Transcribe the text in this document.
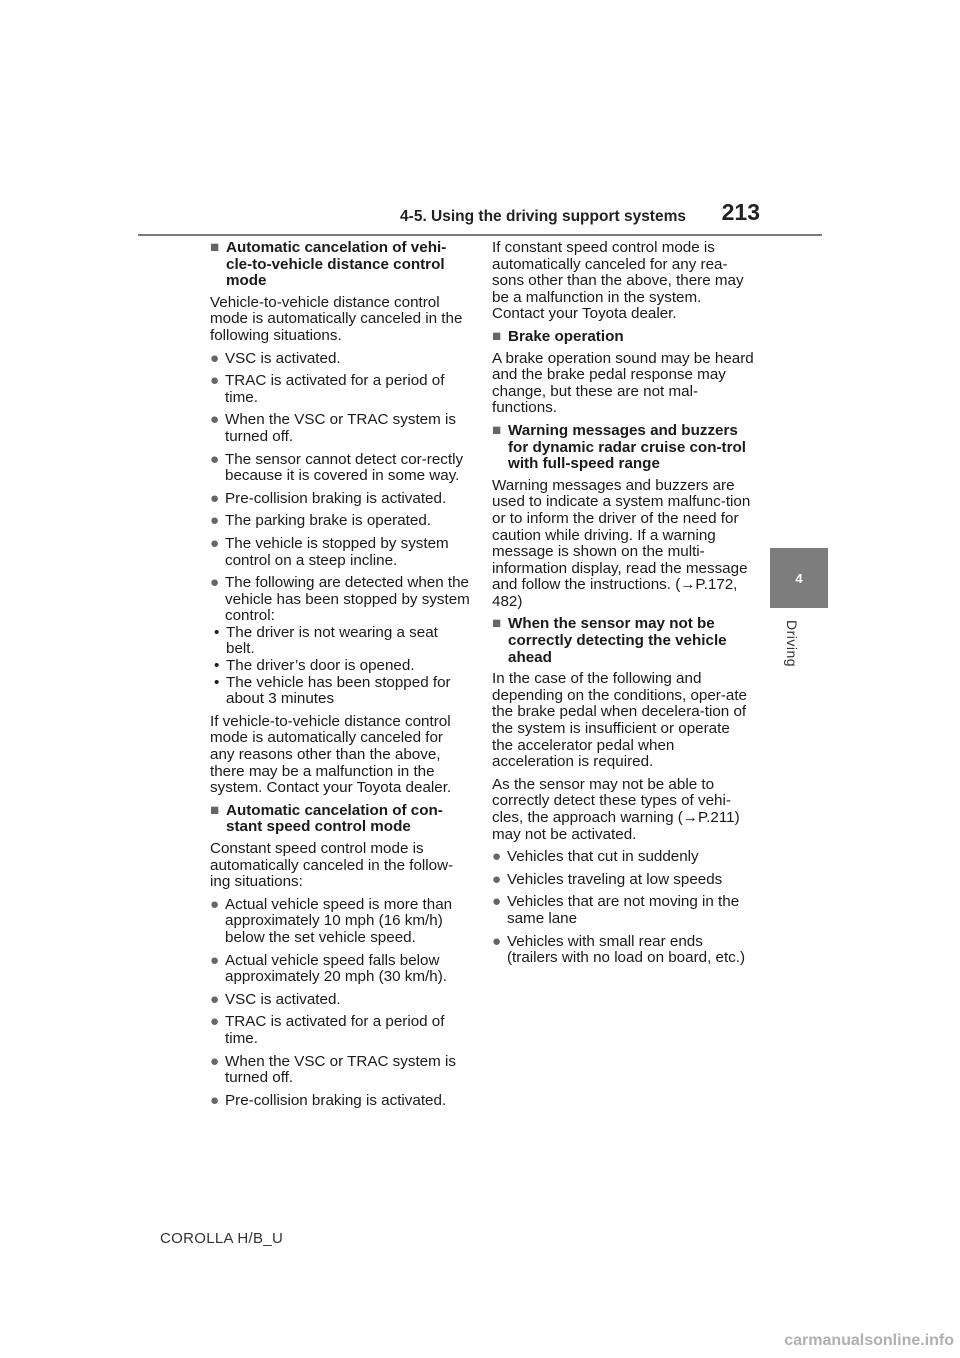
4-5. Using the driving support systems 213
4
Driving
■ Automatic cancelation of vehi-cle-to-vehicle distance control mode

Vehicle-to-vehicle distance control mode is automatically canceled in the following situations.

● VSC is activated.
● TRAC is activated for a period of time.
● When the VSC or TRAC system is turned off.
● The sensor cannot detect cor-rectly because it is covered in some way.
● Pre-collision braking is activated.
● The parking brake is operated.
● The vehicle is stopped by system control on a steep incline.
● The following are detected when the vehicle has been stopped by system control:
• The driver is not wearing a seat belt.
• The driver’s door is opened.
• The vehicle has been stopped for about 3 minutes

If vehicle-to-vehicle distance control mode is automatically canceled for any reasons other than the above, there may be a malfunction in the system. Contact your Toyota dealer.

■ Automatic cancelation of con-stant speed control mode

Constant speed control mode is automatically canceled in the follow-ing situations:

● Actual vehicle speed is more than approximately 10 mph (16 km/h) below the set vehicle speed.
● Actual vehicle speed falls below approximately 20 mph (30 km/h).
● VSC is activated.
● TRAC is activated for a period of time.
● When the VSC or TRAC system is turned off.
● Pre-collision braking is activated.

If constant speed control mode is automatically canceled for any rea-sons other than the above, there may be a malfunction in the system. Contact your Toyota dealer.

■ Brake operation

A brake operation sound may be heard and the brake pedal response may change, but these are not mal-functions.

■ Warning messages and buzzers for dynamic radar cruise con-trol with full-speed range

Warning messages and buzzers are used to indicate a system malfunc-tion or to inform the driver of the need for caution while driving. If a warning message is shown on the multi-information display, read the message and follow the instructions. (→P.172, 482)

■ When the sensor may not be correctly detecting the vehicle ahead

In the case of the following and depending on the conditions, oper-ate the brake pedal when decelera-tion of the system is insufficient or operate the accelerator pedal when acceleration is required.

As the sensor may not be able to correctly detect these types of vehi-cles, the approach warning (→P.211) may not be activated.

● Vehicles that cut in suddenly
● Vehicles traveling at low speeds
● Vehicles that are not moving in the same lane
● Vehicles with small rear ends (trailers with no load on board, etc.)
COROLLA H/B_U
carmanualsonline.info
